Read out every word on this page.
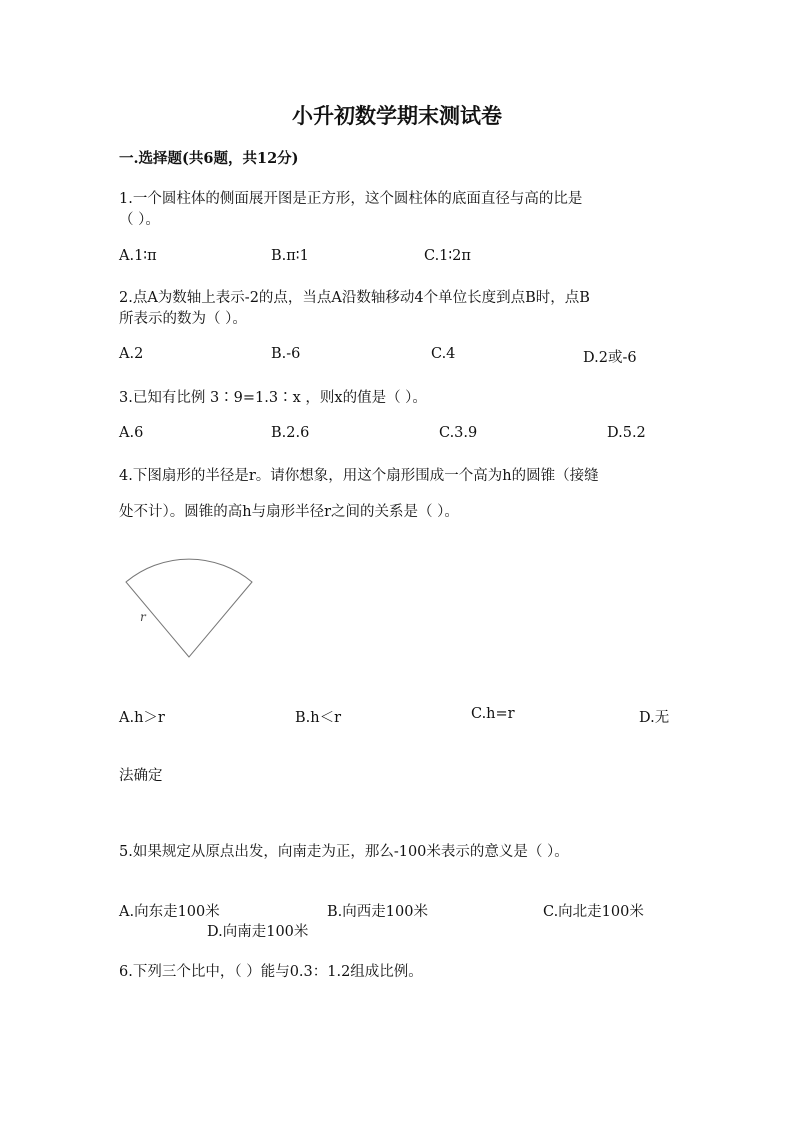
小升初数学期末测试卷
一.选择题(共6题，共12分)
1.一个圆柱体的侧面展开图是正方形，这个圆柱体的底面直径与高的比是
（ ）。
A.1∶π	B.π∶1	C.1∶2π
2.点A为数轴上表示-2的点，当点A沿数轴移动4个单位长度到点B时，点B
所表示的数为（ ）。
A.2	B.-6	C.4	D.2或-6
3.已知有比例 3∶9=1.3∶x ，则x的值是（ ）。
A.6	B.2.6	C.3.9	D.5.2
4.下图扇形的半径是r。请你想象，用这个扇形围成一个高为h的圆锥（接缝
处不计）。圆锥的高h与扇形半径r之间的关系是（ ）。
r
A.h＞r	B.h＜r	C.h=r	D.无
法确定
5.如果规定从原点出发，向南走为正，那么-100米表示的意义是（ ）。
A.向东走100米	B.向西走100米	C.向北走100米
D.向南走100米
6.下列三个比中，（ ）能与0.3：1.2组成比例。
